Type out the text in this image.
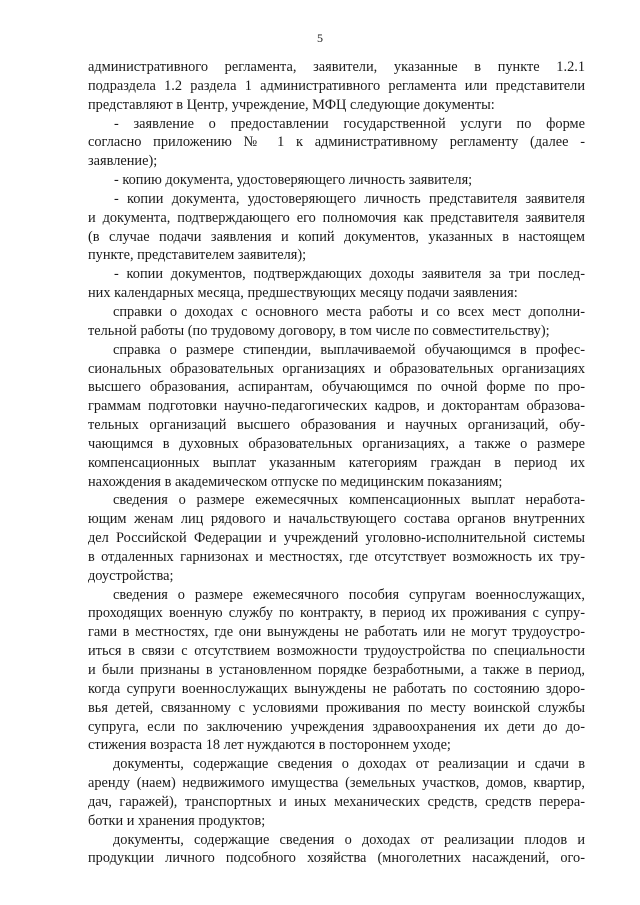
5
административного регламента, заявители, указанные в пункте 1.2.1
подраздела 1.2 раздела 1 административного регламента или представители
представляют в Центр, учреждение, МФЦ следующие документы:
- заявление о предоставлении государственной услуги по форме
согласно приложению № 1 к административному регламенту (далее -
заявление);
- копию документа, удостоверяющего личность заявителя;
- копии документа, удостоверяющего личность представителя заявителя
и документа, подтверждающего его полномочия как представителя заявителя
(в случае подачи заявления и копий документов, указанных в настоящем
пункте, представителем заявителя);
- копии документов, подтверждающих доходы заявителя за три послед-
них календарных месяца, предшествующих месяцу подачи заявления:
справки о доходах с основного места работы и со всех мест дополни-
тельной работы (по трудовому договору, в том числе по совместительству);
справка о размере стипендии, выплачиваемой обучающимся в профес-
сиональных образовательных организациях и образовательных организациях
высшего образования, аспирантам, обучающимся по очной форме по про-
граммам подготовки научно-педагогических кадров, и докторантам образова-
тельных организаций высшего образования и научных организаций, обу-
чающимся в духовных образовательных организациях, а также о размере
компенсационных выплат указанным категориям граждан в период их
нахождения в академическом отпуске по медицинским показаниям;
сведения о размере ежемесячных компенсационных выплат неработа-
ющим женам лиц рядового и начальствующего состава органов внутренних
дел Российской Федерации и учреждений уголовно-исполнительной системы
в отдаленных гарнизонах и местностях, где отсутствует возможность их тру-
доустройства;
сведения о размере ежемесячного пособия супругам военнослужащих,
проходящих военную службу по контракту, в период их проживания с супру-
гами в местностях, где они вынуждены не работать или не могут трудоустро-
иться в связи с отсутствием возможности трудоустройства по специальности
и были признаны в установленном порядке безработными, а также в период,
когда супруги военнослужащих вынуждены не работать по состоянию здоро-
вья детей, связанному с условиями проживания по месту воинской службы
супруга, если по заключению учреждения здравоохранения их дети до до-
стижения возраста 18 лет нуждаются в постороннем уходе;
документы, содержащие сведения о доходах от реализации и сдачи в
аренду (наем) недвижимого имущества (земельных участков, домов, квартир,
дач, гаражей), транспортных и иных механических средств, средств перера-
ботки и хранения продуктов;
документы, содержащие сведения о доходах от реализации плодов и
продукции личного подсобного хозяйства (многолетних насаждений, ого-
